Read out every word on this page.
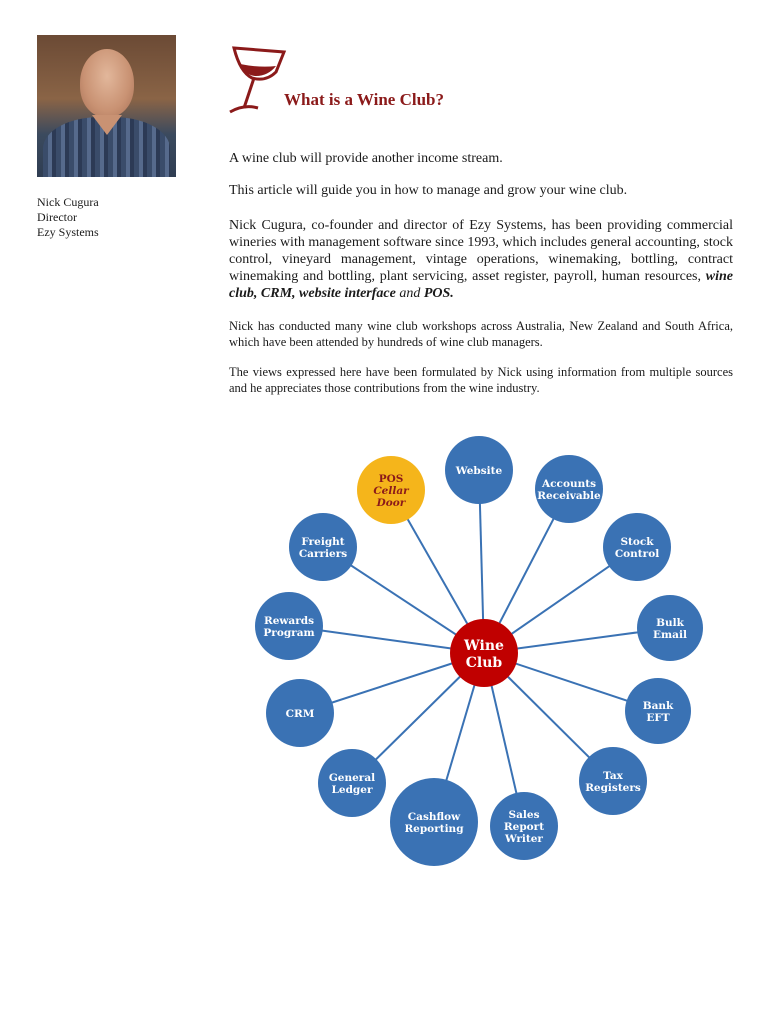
Nick Cugura
Director
Ezy Systems
What is a Wine Club?
A wine club will provide another income stream.
This article will guide you in how to manage and grow your wine club.
Nick Cugura, co-founder and director of Ezy Systems, has been providing commercial wineries with management software since 1993, which includes general accounting, stock control, vineyard management, vintage operations, winemaking, bottling, contract winemaking and bottling, plant servicing, asset register, payroll, human resources, wine club, CRM, website interface and POS.
Nick has conducted many wine club workshops across Australia, New Zealand and South Africa, which have been attended by hundreds of wine club managers.
The views expressed here have been formulated by Nick using information from multiple sources and he appreciates those contributions from the wine industry.
POS
Cellar
Door
Website
Accounts
Receivable
Stock
Control
Bulk
Email
Bank
EFT
Tax
Registers
Sales
Report
Writer
Cashflow
Reporting
General
Ledger
CRM
Rewards
Program
Freight
Carriers
Wine
Club
